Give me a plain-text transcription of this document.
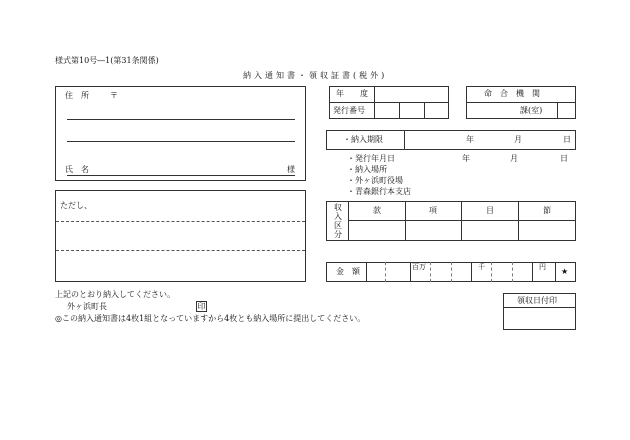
様式第10号―1(第31条関係)
納入通知書・領収証書(税外)
住　所	〒
氏　名	様
ただし、
年　　度
発行番号
命　合　機　関
課(室)
・納入期限	年	月	日
・発行年月日	年	月	日
・納入場所
・外ヶ浜町役場
・青森銀行本支店
収
入
区
分
款	項	目	節
金　額	百万	千	円 ★
上記のとおり納入してください。
外ヶ浜町長	印
◎この納入通知書は4枚1組となっていますから4枚とも納入場所に提出してください。
領収日付印
